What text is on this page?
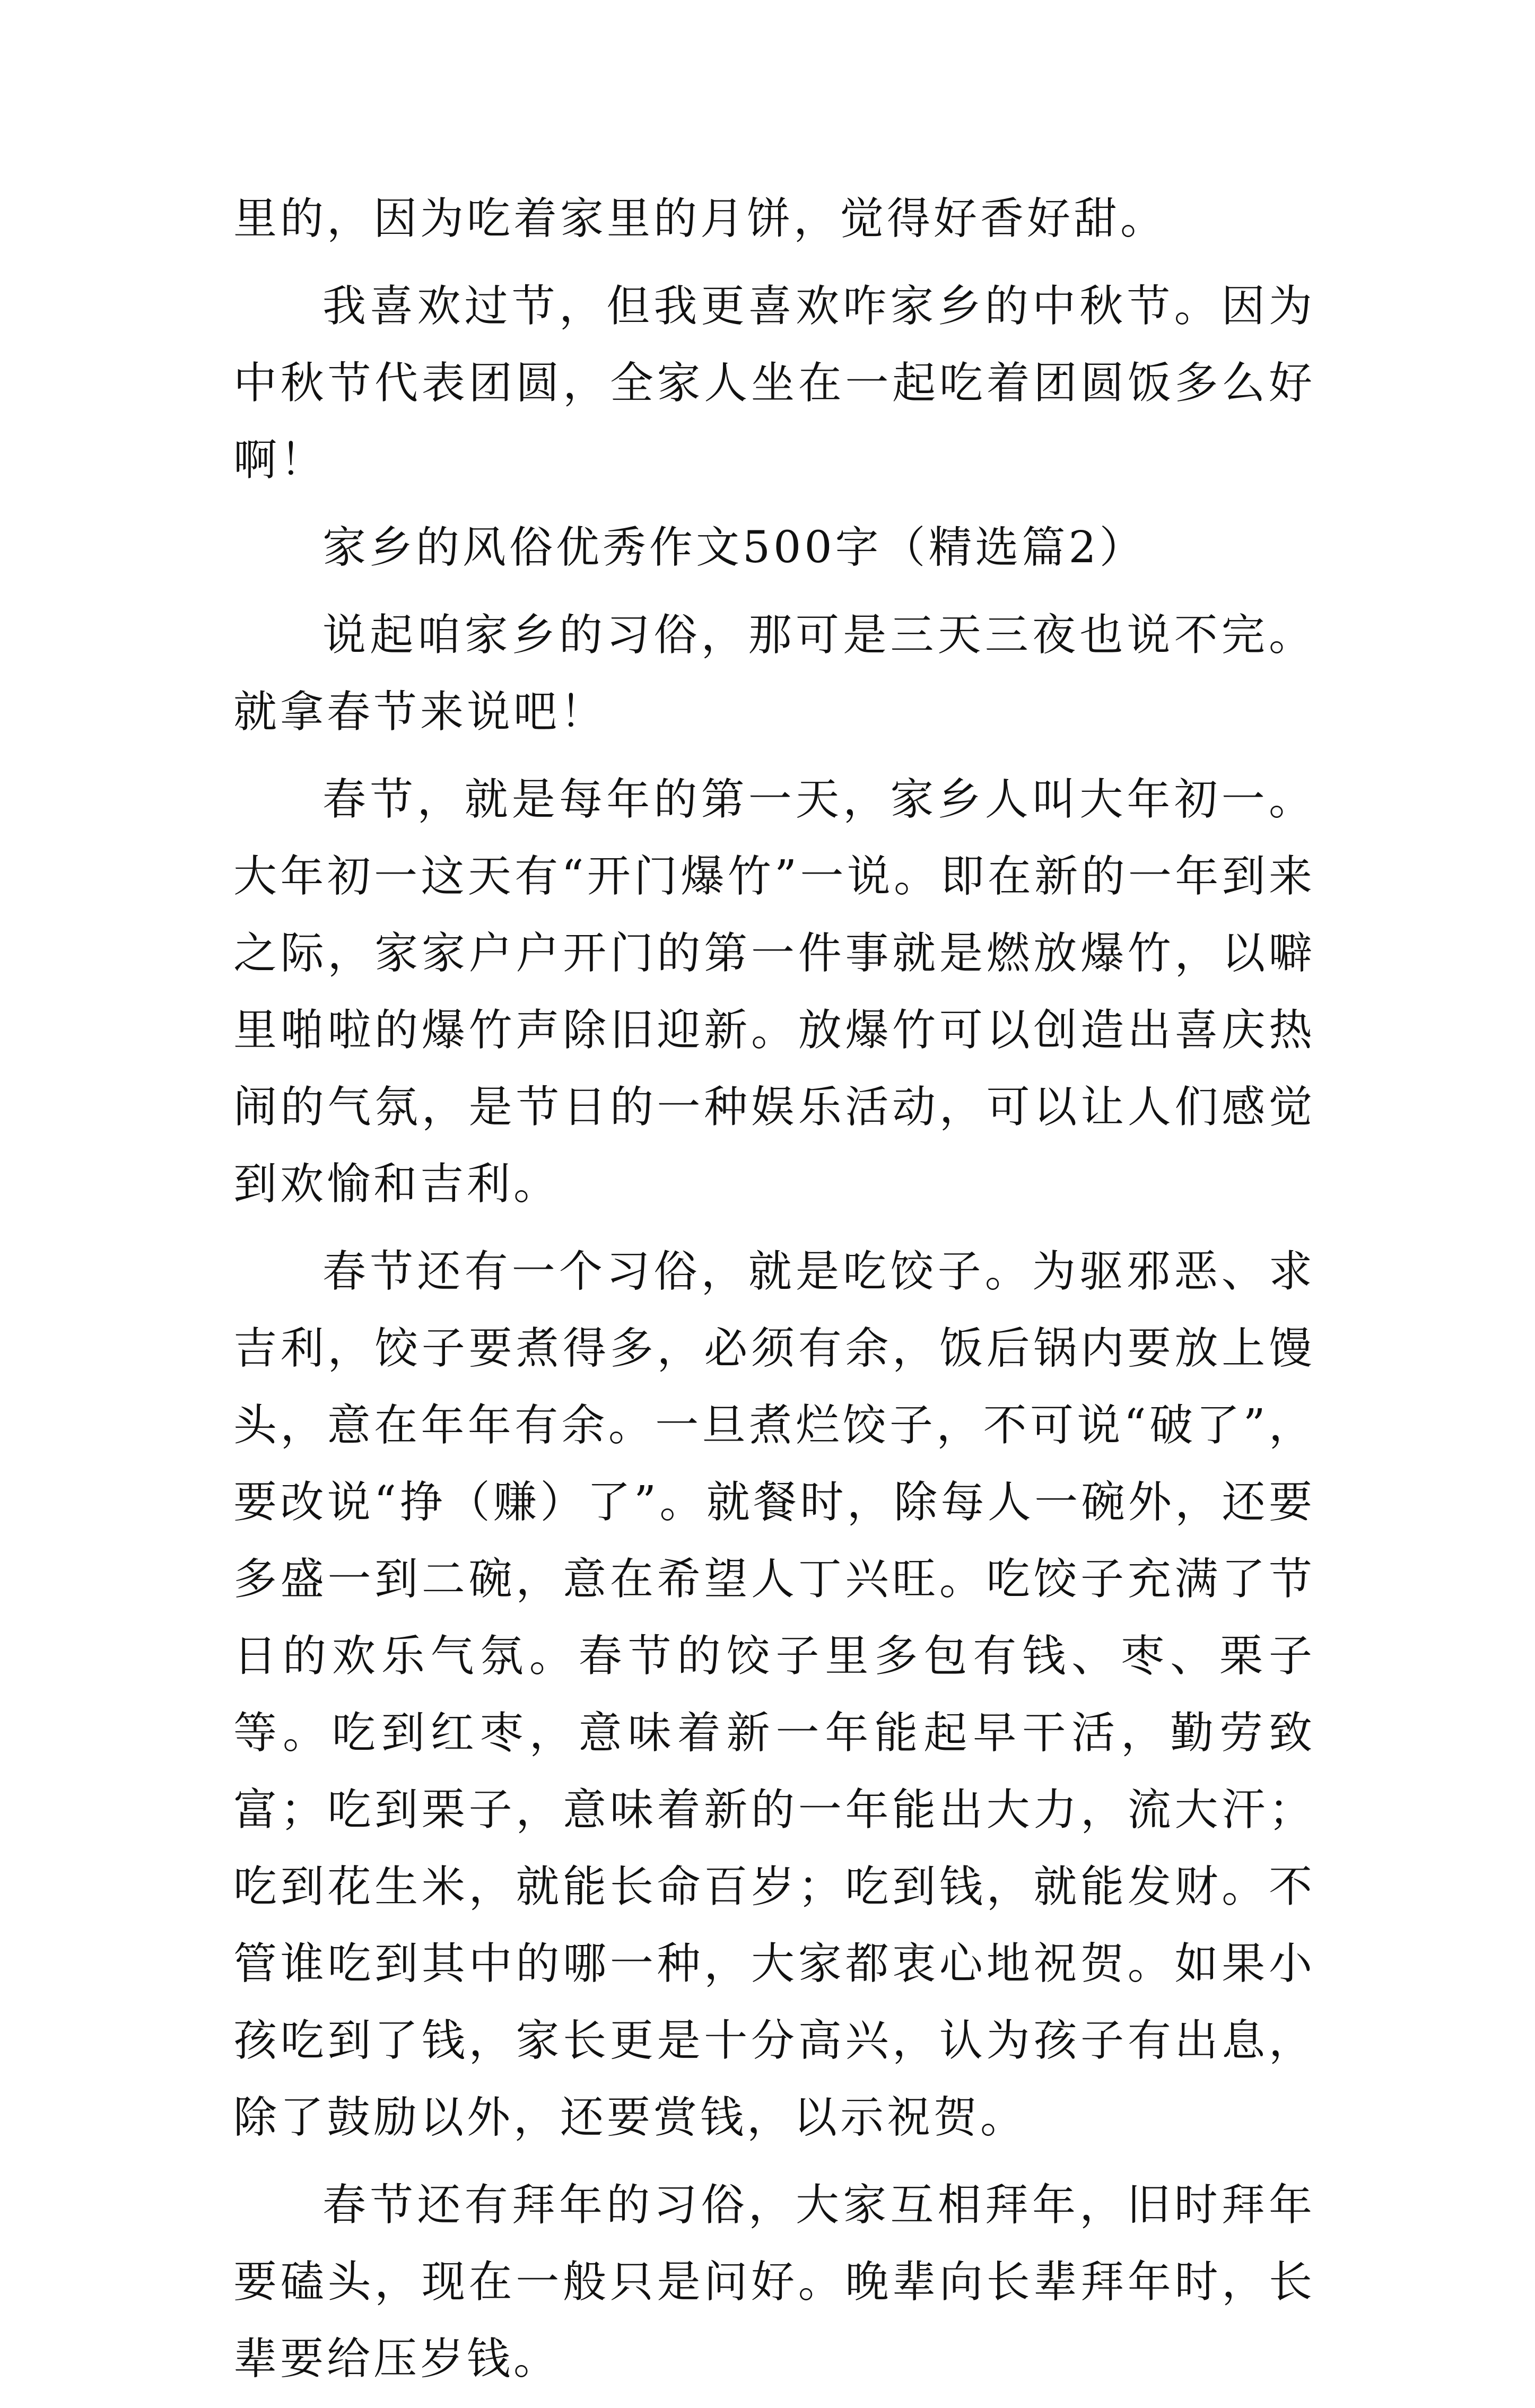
里的，因为吃着家里的月饼，觉得好香好甜。

我喜欢过节，但我更喜欢咋家乡的中秋节。因为中秋节代表团圆，全家人坐在一起吃着团圆饭多么好啊！

家乡的风俗优秀作文500字（精选篇2）

说起咱家乡的习俗，那可是三天三夜也说不完。就拿春节来说吧！

春节，就是每年的第一天，家乡人叫大年初一。大年初一这天有“开门爆竹”一说。即在新的一年到来之际，家家户户开门的第一件事就是燃放爆竹，以噼里啪啦的爆竹声除旧迎新。放爆竹可以创造出喜庆热闹的气氛，是节日的一种娱乐活动，可以让人们感觉到欢愉和吉利。

春节还有一个习俗，就是吃饺子。为驱邪恶、求吉利，饺子要煮得多，必须有余，饭后锅内要放上馒头，意在年年有余。一旦煮烂饺子，不可说“破了”，要改说“挣（赚）了”。就餐时，除每人一碗外，还要多盛一到二碗，意在希望人丁兴旺。吃饺子充满了节日的欢乐气氛。春节的饺子里多包有钱、枣、栗子等。吃到红枣，意味着新一年能起早干活，勤劳致富；吃到栗子，意味着新的一年能出大力，流大汗；吃到花生米，就能长命百岁；吃到钱，就能发财。不管谁吃到其中的哪一种，大家都衷心地祝贺。如果小孩吃到了钱，家长更是十分高兴，认为孩子有出息，除了鼓励以外，还要赏钱，以示祝贺。

春节还有拜年的习俗，大家互相拜年，旧时拜年要磕头，现在一般只是问好。晚辈向长辈拜年时，长辈要给压岁钱。
